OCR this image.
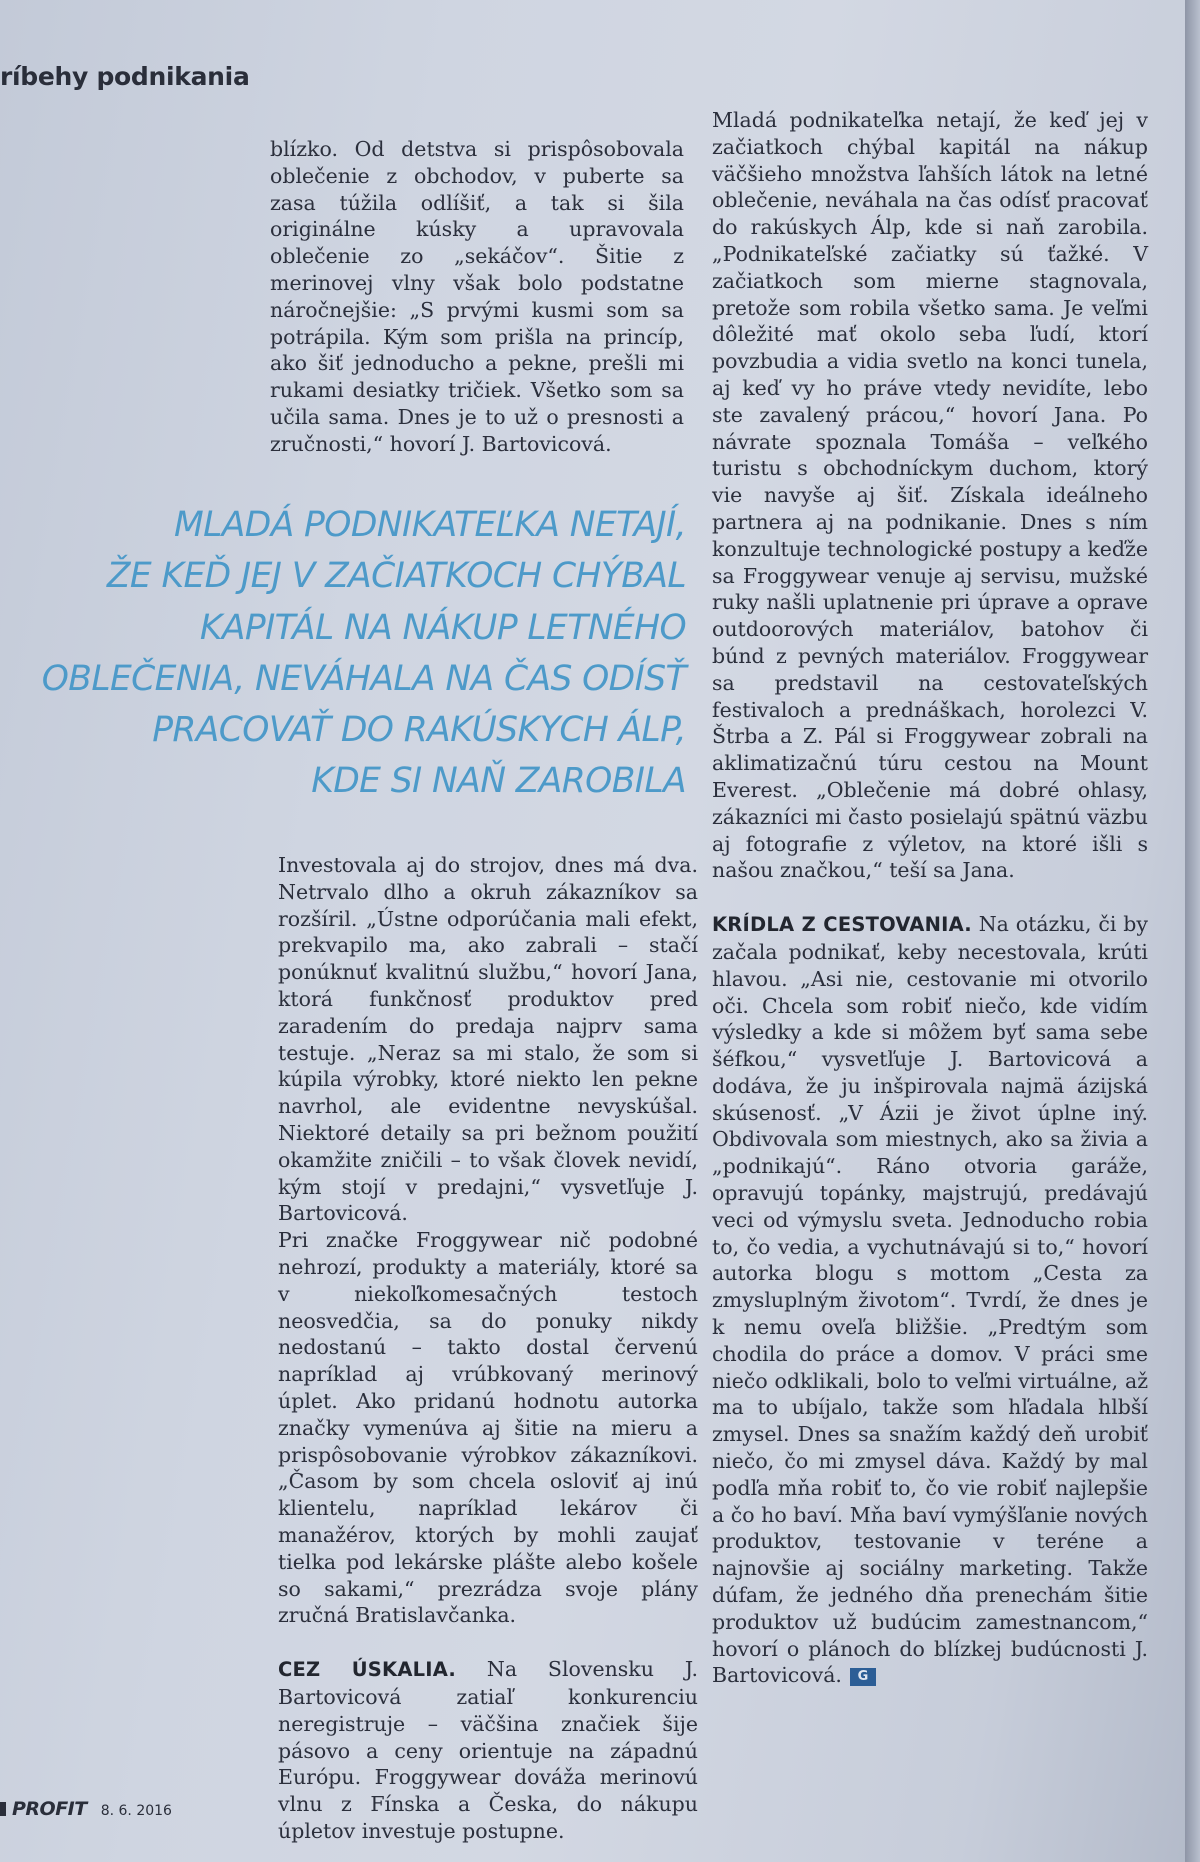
ríbehy podnikania

blízko. Od detstva si prispôsobovala oblečenie z obchodov, v puberte sa zasa túžila odlíšiť, a tak si šila originálne kúsky a upravovala oblečenie zo „sekáčov“. Šitie z merinovej vlny však bolo podstatne náročnejšie: „S prvými kusmi som sa potrápila. Kým som prišla na princíp, ako šiť jednoducho a pekne, prešli mi rukami desiatky tričiek. Všetko som sa učila sama. Dnes je to už o presnosti a zručnosti,“ hovorí J. Bartovicová.

MLADÁ PODNIKATEĽKA NETAJÍ,
ŽE KEĎ JEJ V ZAČIATKOCH CHÝBAL
KAPITÁL NA NÁKUP LETNÉHO
OBLEČENIA, NEVÁHALA NA ČAS ODÍSŤ
PRACOVAŤ DO RAKÚSKYCH ÁLP,
KDE SI NAŇ ZAROBILA

Investovala aj do strojov, dnes má dva. Netrvalo dlho a okruh zákazníkov sa rozšíril. „Ústne odporúčania mali efekt, prekvapilo ma, ako zabrali – stačí ponúknuť kvalitnú službu,“ hovorí Jana, ktorá funkčnosť produktov pred zaradením do predaja najprv sama testuje. „Neraz sa mi stalo, že som si kúpila výrobky, ktoré niekto len pekne navrhol, ale evidentne nevyskúšal. Niektoré detaily sa pri bežnom použití okamžite zničili – to však človek nevidí, kým stojí v predajni,“ vysvetľuje J. Bartovicová.

Pri značke Froggywear nič podobné nehrozí, produkty a materiály, ktoré sa v niekoľkomesačných testoch neosvedčia, sa do ponuky nikdy nedostanú – takto dostal červenú napríklad aj vrúbkovaný merinový úplet. Ako pridanú hodnotu autorka značky vymenúva aj šitie na mieru a prispôsobovanie výrobkov zákazníkovi. „Časom by som chcela osloviť aj inú klientelu, napríklad lekárov či manažérov, ktorých by mohli zaujať tielka pod lekárske plášte alebo košele so sakami,“ prezrádza svoje plány zručná Bratislavčanka.

CEZ ÚSKALIA. Na Slovensku J. Bartovicová zatiaľ konkurenciu neregistruje – väčšina značiek šije pásovo a ceny orientuje na západnú Európu. Froggywear dováža merinovú vlnu z Fínska a Česka, do nákupu úpletov investuje postupne.

Mladá podnikateľka netají, že keď jej v začiatkoch chýbal kapitál na nákup väčšieho množstva ľahších látok na letné oblečenie, neváhala na čas odísť pracovať do rakúskych Álp, kde si naň zarobila. „Podnikateľské začiatky sú ťažké. V začiatkoch som mierne stagnovala, pretože som robila všetko sama. Je veľmi dôležité mať okolo seba ľudí, ktorí povzbudia a vidia svetlo na konci tunela, aj keď vy ho práve vtedy nevidíte, lebo ste zavalený prácou,“ hovorí Jana. Po návrate spoznala Tomáša – veľkého turistu s obchodníckym duchom, ktorý vie navyše aj šiť. Získala ideálneho partnera aj na podnikanie. Dnes s ním konzultuje technologické postupy a keďže sa Froggywear venuje aj servisu, mužské ruky našli uplatnenie pri úprave a oprave outdoorových materiálov, batohov či búnd z pevných materiálov. Froggywear sa predstavil na cestovateľských festivaloch a prednáškach, horolezci V. Štrba a Z. Pál si Froggywear zobrali na aklimatizačnú túru cestou na Mount Everest. „Oblečenie má dobré ohlasy, zákazníci mi často posielajú spätnú väzbu aj fotografie z výletov, na ktoré išli s našou značkou,“ teší sa Jana.

KRÍDLA Z CESTOVANIA. Na otázku, či by začala podnikať, keby necestovala, krúti hlavou. „Asi nie, cestovanie mi otvorilo oči. Chcela som robiť niečo, kde vidím výsledky a kde si môžem byť sama sebe šéfkou,“ vysvetľuje J. Bartovicová a dodáva, že ju inšpirovala najmä ázijská skúsenosť. „V Ázii je život úplne iný. Obdivovala som miestnych, ako sa živia a „podnikajú“. Ráno otvoria garáže, opravujú topánky, majstrujú, predávajú veci od výmyslu sveta. Jednoducho robia to, čo vedia, a vychutnávajú si to,“ hovorí autorka blogu s mottom „Cesta za zmysluplným životom“. Tvrdí, že dnes je k nemu oveľa bližšie. „Predtým som chodila do práce a domov. V práci sme niečo odklikali, bolo to veľmi virtuálne, až ma to ubíjalo, takže som hľadala hlbší zmysel. Dnes sa snažím každý deň urobiť niečo, čo mi zmysel dáva. Každý by mal podľa mňa robiť to, čo vie robiť najlepšie a čo ho baví. Mňa baví vymýšľanie nových produktov, testovanie v teréne a najnovšie aj sociálny marketing. Takže dúfam, že jedného dňa prenechám šitie produktov už budúcim zamestnancom,“ hovorí o plánoch do blízkej budúcnosti J. Bartovicová. G

PROFIT 8. 6. 2016
